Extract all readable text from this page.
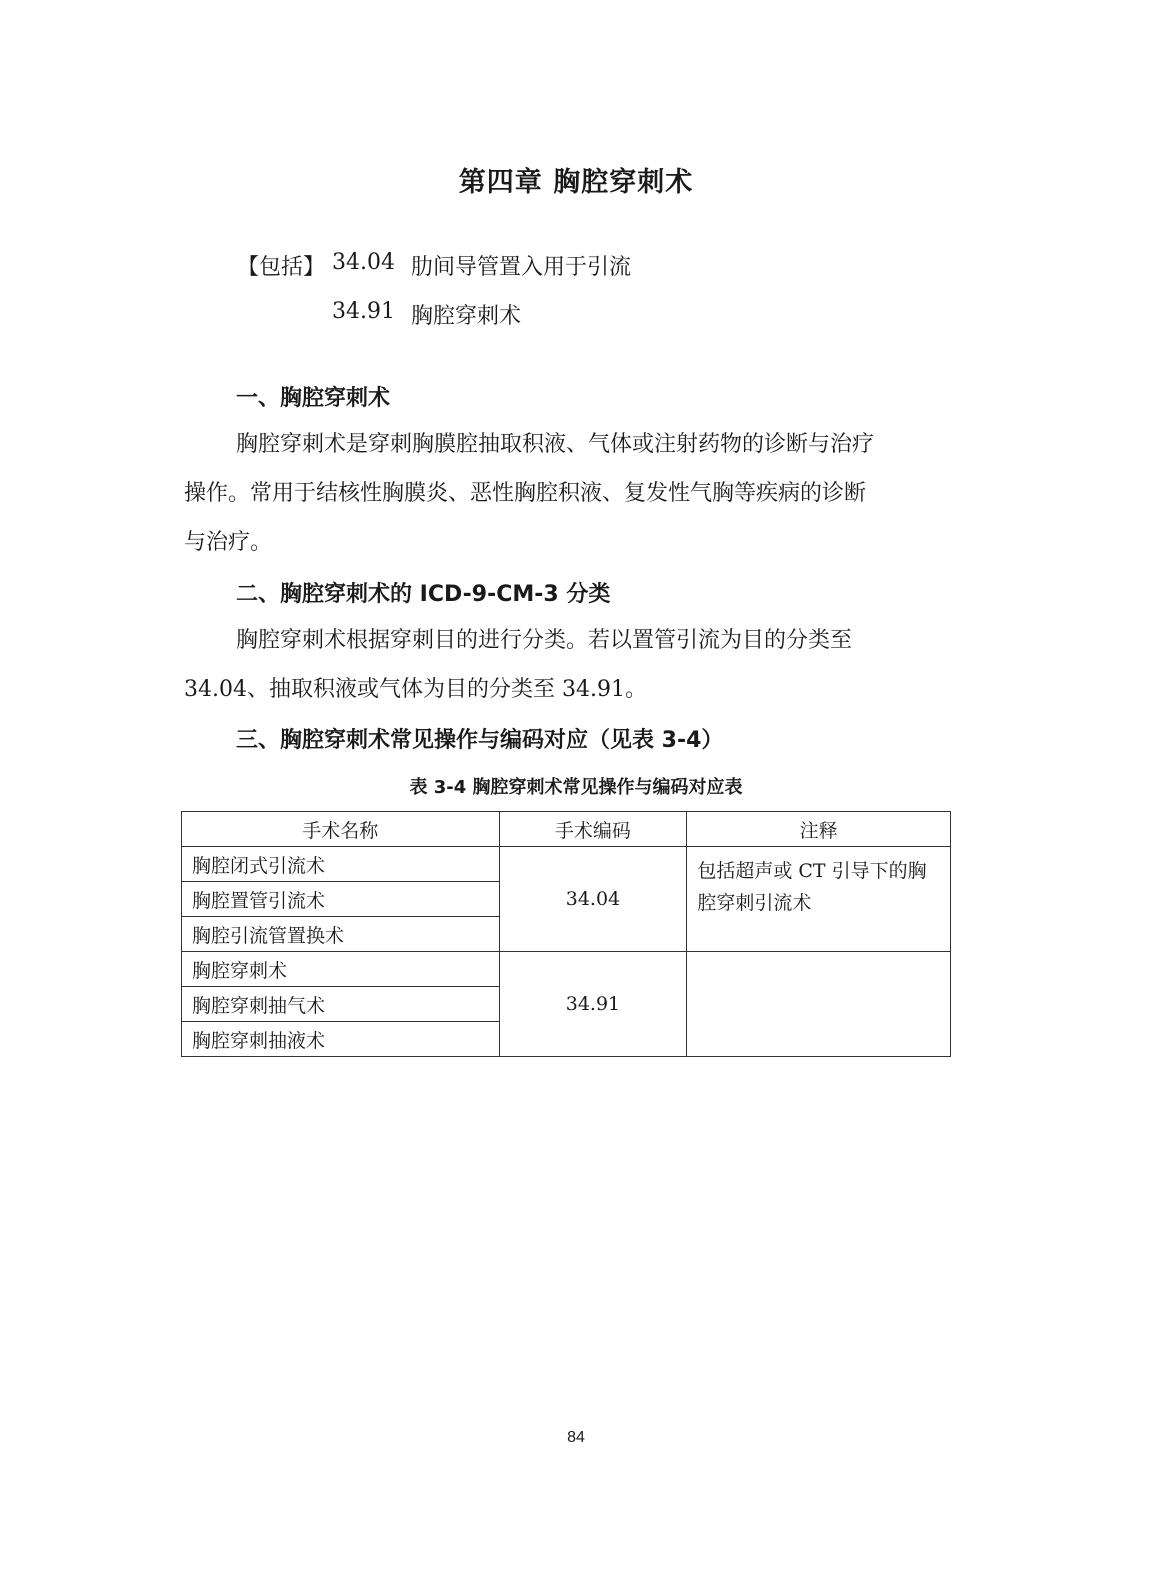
第四章 胸腔穿刺术
【包括】 34.04 肋间导管置入用于引流
34.91 胸腔穿刺术
一、胸腔穿刺术
胸腔穿刺术是穿刺胸膜腔抽取积液、气体或注射药物的诊断与治疗
操作。常用于结核性胸膜炎、恶性胸腔积液、复发性气胸等疾病的诊断
与治疗。
二、胸腔穿刺术的 ICD-9-CM-3 分类
胸腔穿刺术根据穿刺目的进行分类。若以置管引流为目的分类至
34.04、抽取积液或气体为目的分类至 34.91。
三、胸腔穿刺术常见操作与编码对应（见表 3-4）
表 3-4 胸腔穿刺术常见操作与编码对应表
手术名称	手术编码	注释
胸腔闭式引流术	34.04	包括超声或 CT 引导下的胸腔穿刺引流术
胸腔置管引流术		
胸腔引流管置换术		
胸腔穿刺术	34.91	
胸腔穿刺抽气术		
胸腔穿刺抽液术		
84
